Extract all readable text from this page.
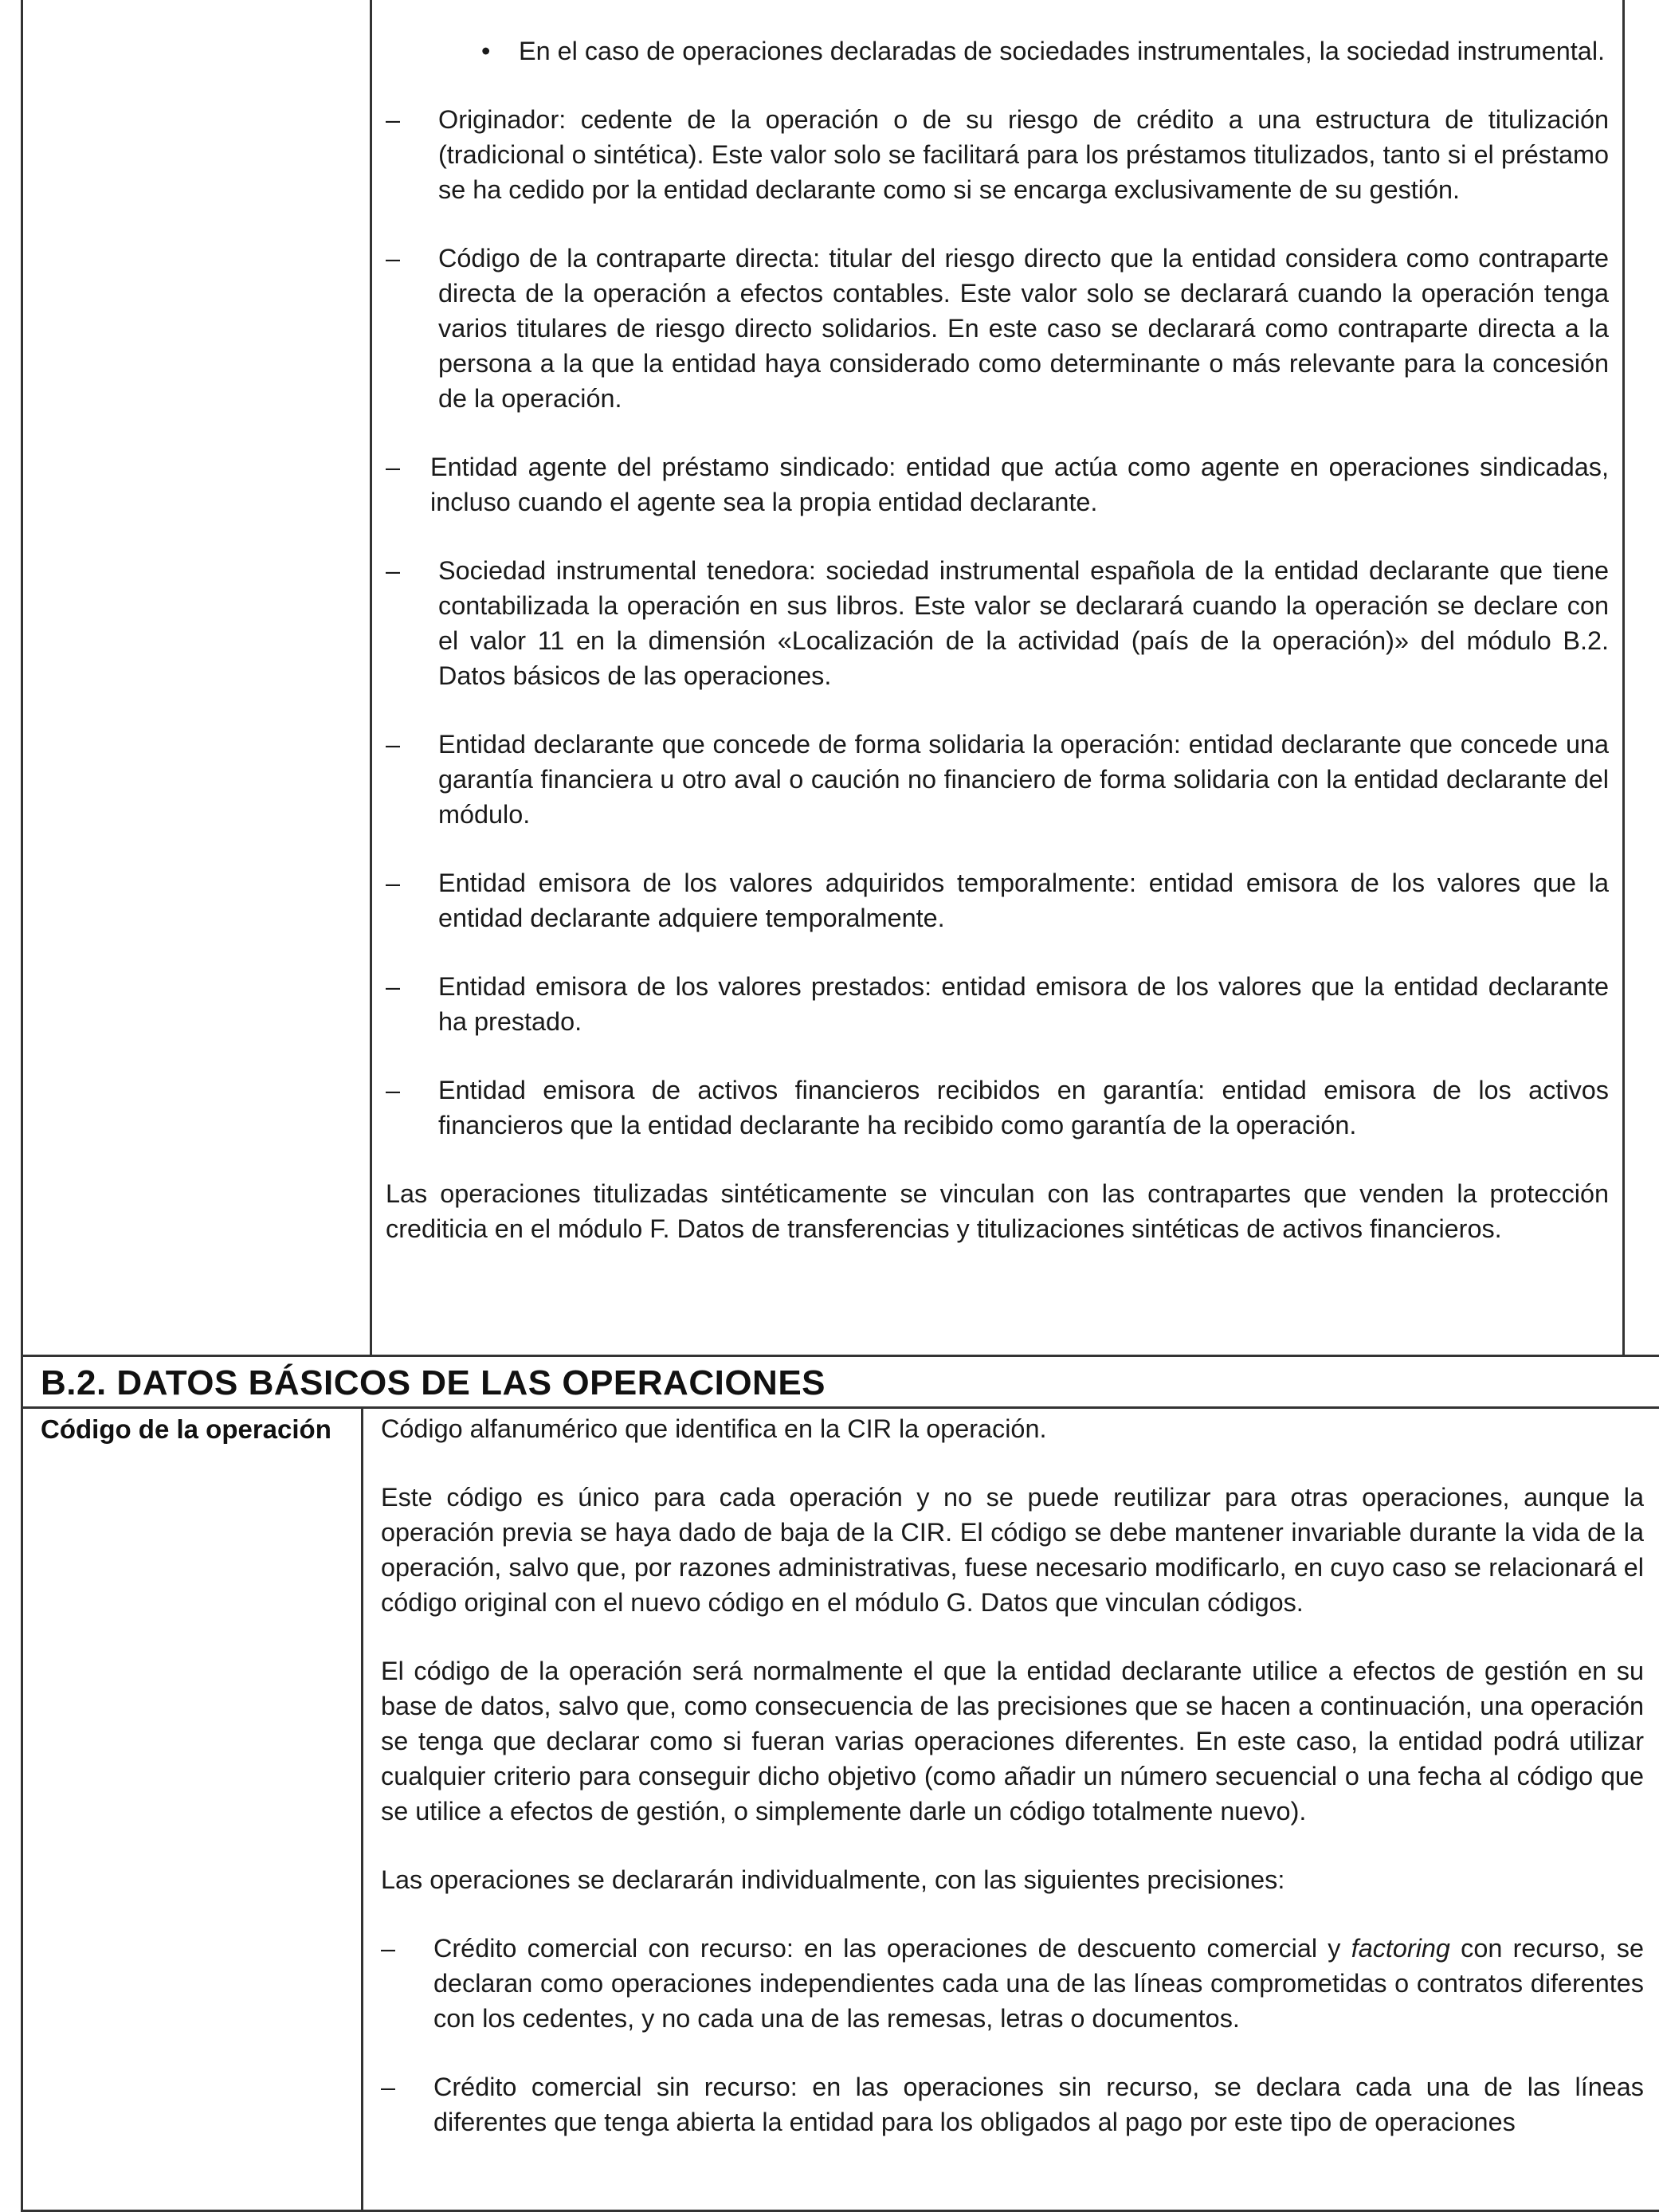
• En el caso de operaciones declaradas de sociedades instrumentales, la sociedad instrumental.
– Originador: cedente de la operación o de su riesgo de crédito a una estructura de titulización (tradicional o sintética). Este valor solo se facilitará para los préstamos titulizados, tanto si el préstamo se ha cedido por la entidad declarante como si se encarga exclusivamente de su gestión.
– Código de la contraparte directa: titular del riesgo directo que la entidad considera como contraparte directa de la operación a efectos contables. Este valor solo se declarará cuando la operación tenga varios titulares de riesgo directo solidarios. En este caso se declarará como contraparte directa a la persona a la que la entidad haya considerado como determinante o más relevante para la concesión de la operación.
– Entidad agente del préstamo sindicado: entidad que actúa como agente en operaciones sindicadas, incluso cuando el agente sea la propia entidad declarante.
– Sociedad instrumental tenedora: sociedad instrumental española de la entidad declarante que tiene contabilizada la operación en sus libros. Este valor se declarará cuando la operación se declare con el valor 11 en la dimensión «Localización de la actividad (país de la operación)» del módulo B.2. Datos básicos de las operaciones.
– Entidad declarante que concede de forma solidaria la operación: entidad declarante que concede una garantía financiera u otro aval o caución no financiero de forma solidaria con la entidad declarante del módulo.
– Entidad emisora de los valores adquiridos temporalmente: entidad emisora de los valores que la entidad declarante adquiere temporalmente.
– Entidad emisora de los valores prestados: entidad emisora de los valores que la entidad declarante ha prestado.
– Entidad emisora de activos financieros recibidos en garantía: entidad emisora de los activos financieros que la entidad declarante ha recibido como garantía de la operación.

Las operaciones titulizadas sintéticamente se vinculan con las contrapartes que venden la protección crediticia en el módulo F. Datos de transferencias y titulizaciones sintéticas de activos financieros.

B.2. DATOS BÁSICOS DE LAS OPERACIONES
Código de la operación	Código alfanumérico que identifica en la CIR la operación.

Este código es único para cada operación y no se puede reutilizar para otras operaciones, aunque la operación previa se haya dado de baja de la CIR. El código se debe mantener invariable durante la vida de la operación, salvo que, por razones administrativas, fuese necesario modificarlo, en cuyo caso se relacionará el código original con el nuevo código en el módulo G. Datos que vinculan códigos.

El código de la operación será normalmente el que la entidad declarante utilice a efectos de gestión en su base de datos, salvo que, como consecuencia de las precisiones que se hacen a continuación, una operación se tenga que declarar como si fueran varias operaciones diferentes. En este caso, la entidad podrá utilizar cualquier criterio para conseguir dicho objetivo (como añadir un número secuencial o una fecha al código que se utilice a efectos de gestión, o simplemente darle un código totalmente nuevo).

Las operaciones se declararán individualmente, con las siguientes precisiones:

– Crédito comercial con recurso: en las operaciones de descuento comercial y factoring con recurso, se declaran como operaciones independientes cada una de las líneas comprometidas o contratos diferentes con los cedentes, y no cada una de las remesas, letras o documentos.
– Crédito comercial sin recurso: en las operaciones sin recurso, se declara cada una de las líneas diferentes que tenga abierta la entidad para los obligados al pago por este tipo de operaciones
